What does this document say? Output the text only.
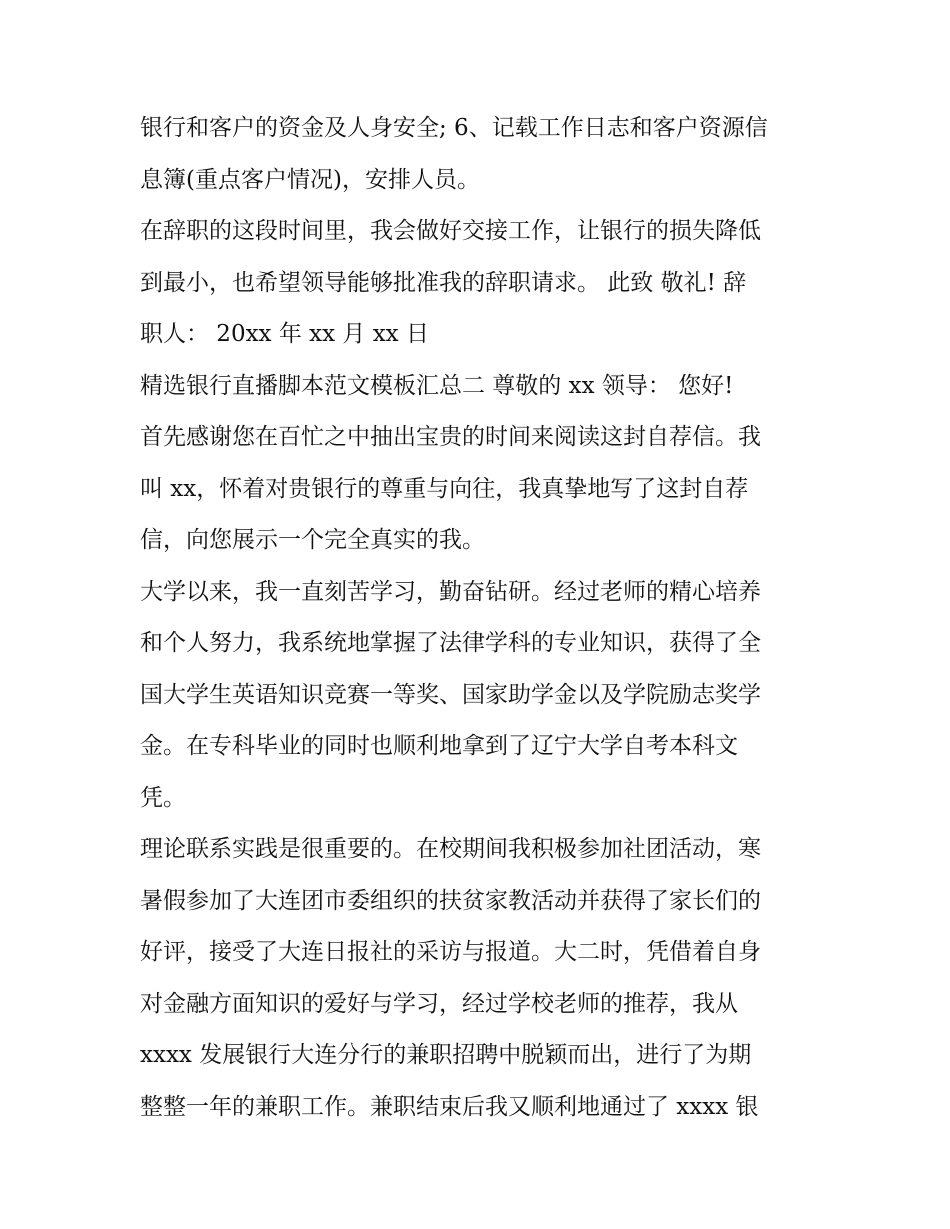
银行和客户的资金及人身安全; 6、记载工作日志和客户资源信

息簿(重点客户情况)，安排人员。

在辞职的这段时间里，我会做好交接工作，让银行的损失降低

到最小，也希望领导能够批准我的辞职请求。 此致 敬礼! 辞

职人： 20xx 年 xx 月 xx 日

精选银行直播脚本范文模板汇总二 尊敬的 xx 领导： 您好!

首先感谢您在百忙之中抽出宝贵的时间来阅读这封自荐信。我

叫 xx，怀着对贵银行的尊重与向往，我真挚地写了这封自荐

信，向您展示一个完全真实的我。

大学以来，我一直刻苦学习，勤奋钻研。经过老师的精心培养

和个人努力，我系统地掌握了法律学科的专业知识，获得了全

国大学生英语知识竞赛一等奖、国家助学金以及学院励志奖学

金。在专科毕业的同时也顺利地拿到了辽宁大学自考本科文

凭。

理论联系实践是很重要的。在校期间我积极参加社团活动，寒

暑假参加了大连团市委组织的扶贫家教活动并获得了家长们的

好评，接受了大连日报社的采访与报道。大二时，凭借着自身

对金融方面知识的爱好与学习，经过学校老师的推荐，我从

xxxx 发展银行大连分行的兼职招聘中脱颖而出，进行了为期

整整一年的兼职工作。兼职结束后我又顺利地通过了 xxxx 银
